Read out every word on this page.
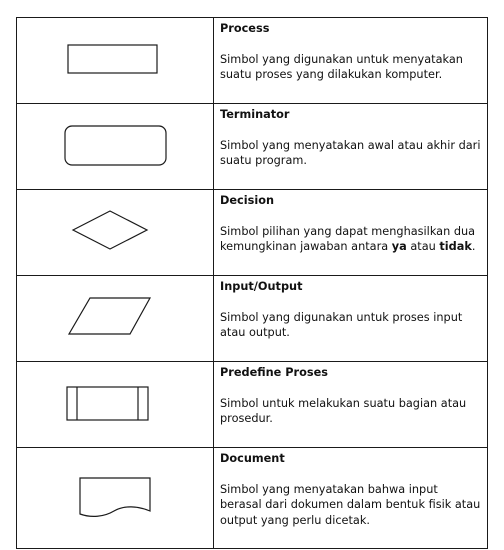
Process
Simbol yang digunakan untuk menyatakan suatu proses yang dilakukan komputer.

Terminator
Simbol yang menyatakan awal atau akhir dari suatu program.

Decision
Simbol pilihan yang dapat menghasilkan dua kemungkinan jawaban antara ya atau tidak.

Input/Output
Simbol yang digunakan untuk proses input atau output.

Predefine Proses
Simbol untuk melakukan suatu bagian atau prosedur.

Document
Simbol yang menyatakan bahwa input berasal dari dokumen dalam bentuk fisik atau output yang perlu dicetak.
